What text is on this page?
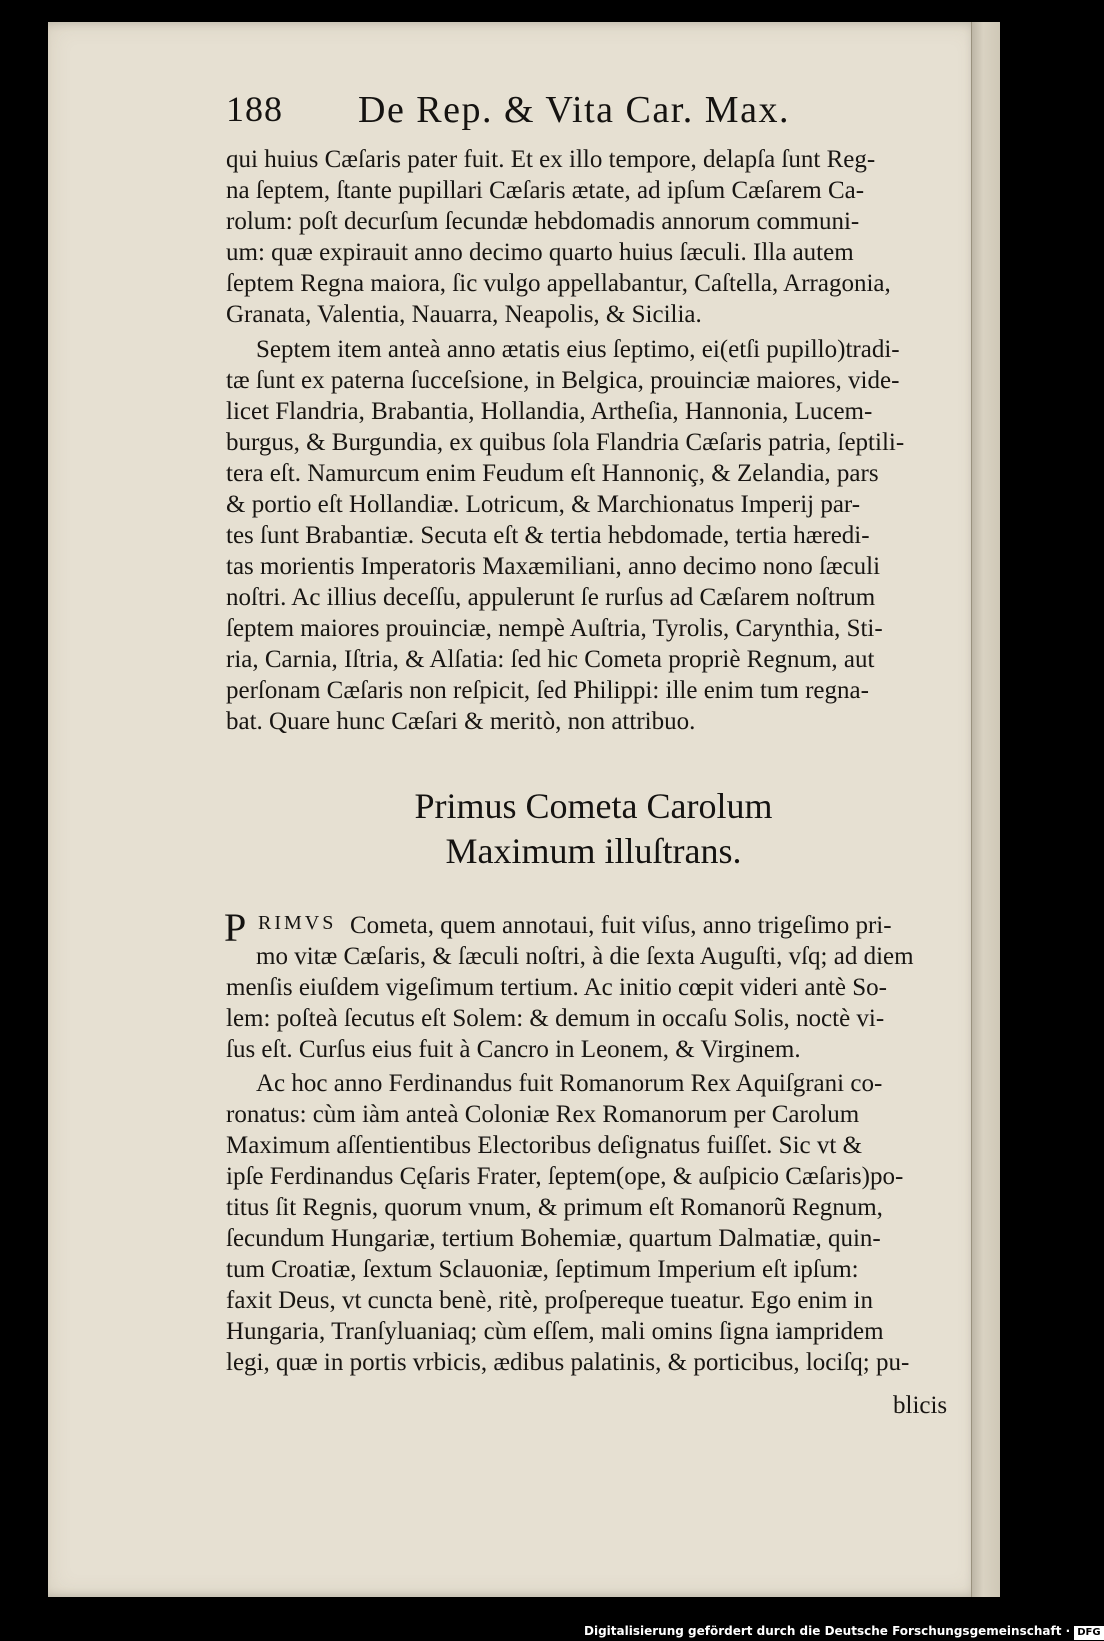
188 De Rep. & Vita Car. Max.
qui huius Cæſaris pater fuit. Et ex illo tempore, delapſa ſunt Reg-
na ſeptem, ſtante pupillari Cæſaris ætate, ad ipſum Cæſarem Ca-
rolum: poſt decurſum ſecundæ hebdomadis annorum communi-
um: quæ expirauit anno decimo quarto huius ſæculi. Illa autem
ſeptem Regna maiora, ſic vulgo appellabantur, Caſtella, Arragonia,
Granata, Valentia, Nauarra, Neapolis, & Sicilia.
Septem item anteà anno ætatis eius ſeptimo, ei(etſi pupillo)tradi-
tæ ſunt ex paterna ſucceſsione, in Belgica, prouinciæ maiores, vide-
licet Flandria, Brabantia, Hollandia, Artheſia, Hannonia, Lucem-
burgus, & Burgundia, ex quibus ſola Flandria Cæſaris patria, ſeptili-
tera eſt. Namurcum enim Feudum eſt Hannoniç, & Zelandia, pars
& portio eſt Hollandiæ. Lotricum, & Marchionatus Imperij par-
tes ſunt Brabantiæ. Secuta eſt & tertia hebdomade, tertia hæredi-
tas morientis Imperatoris Maxæmiliani, anno decimo nono ſæculi
noſtri. Ac illius deceſſu, appulerunt ſe rurſus ad Cæſarem noſtrum
ſeptem maiores prouinciæ, nempè Auſtria, Tyrolis, Carynthia, Sti-
ria, Carnia, Iſtria, & Alſatia: ſed hic Cometa propriè Regnum, aut
perſonam Cæſaris non reſpicit, ſed Philippi: ille enim tum regna-
bat. Quare hunc Cæſari & meritò, non attribuo.
Primus Cometa Carolum
Maximum illuſtrans.
P RIMVS Cometa, quem annotaui, fuit viſus, anno trigeſimo pri-
mo vitæ Cæſaris, & ſæculi noſtri, à die ſexta Auguſti, vſq; ad diem
menſis eiuſdem vigeſimum tertium. Ac initio cœpit videri antè So-
lem: poſteà ſecutus eſt Solem: & demum in occaſu Solis, noctè vi-
ſus eſt. Curſus eius fuit à Cancro in Leonem, & Virginem.
Ac hoc anno Ferdinandus fuit Romanorum Rex Aquiſgrani co-
ronatus: cùm iàm anteà Coloniæ Rex Romanorum per Carolum
Maximum aſſentientibus Electoribus deſignatus fuiſſet. Sic vt &
ipſe Ferdinandus Cęſaris Frater, ſeptem(ope, & auſpicio Cæſaris)po-
titus ſit Regnis, quorum vnum, & primum eſt Romanorũ Regnum,
ſecundum Hungariæ, tertium Bohemiæ, quartum Dalmatiæ, quin-
tum Croatiæ, ſextum Sclauoniæ, ſeptimum Imperium eſt ipſum:
faxit Deus, vt cuncta benè, ritè, proſpereque tueatur. Ego enim in
Hungaria, Tranſyluaniaq; cùm eſſem, mali omins ſigna iampridem
legi, quæ in portis vrbicis, ædibus palatinis, & porticibus, lociſq; pu-
blicis
Digitalisierung gefördert durch die Deutsche Forschungsgemeinschaft · DFG
